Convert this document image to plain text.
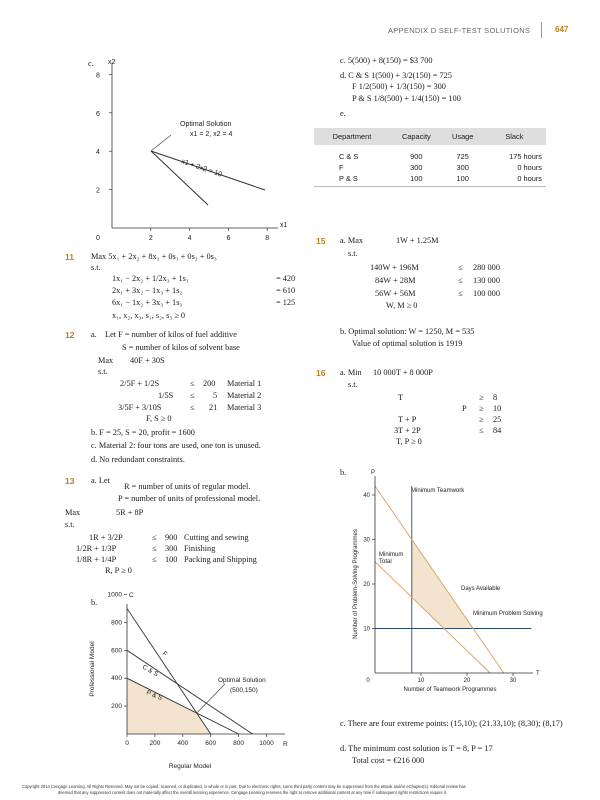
APPENDIX D SELF-TEST SOLUTIONS	647
c.
0	2	4	6	8
2
4
6
8
Optimal Solution
x1 = 2, x2 = 4
x1 + 2x2 = 10
x1
x2
11 Max 5x₁ + 2x₂ + 8x₃ + 0s₁ + 0s₂ + 0s₃
s.t.
1x₁ − 2x₂ + 1/2x₃ + 1s₁	= 420
2x₁ + 3x₂ − 1x₃ + 1s₂	= 610
6x₁ − 1x₂ + 3x₃ + 1s₃	= 125
x₁, x₂, x₃, s₁, s₂, s₃ ≥ 0
12 a. Let F = number of kilos of fuel additive
S = number of kilos of solvent base
Max 40F + 30S
s.t.
2/5F + 1/2S	≤ 200 Material 1
1/5S ≤ 5 Material 2
3/5F + 3/10S	≤ 21 Material 3
F, S ≥ 0
b. F = 25, S = 20, profit = 1600
c. Material 2: four tons are used, one ton is unused.
d. No redundant constraints.
13 a. Let
R = number of units of regular model.
P = number of units of professional model.
Max	5R + 8P
s.t.
1R + 3/2P	≤ 900 Cutting and sewing
1/2R + 1/3P	≤ 300 Finishing
1/8R + 1/4P	≤ 100 Packing and Shipping
R, P ≥ 0
b.
0	200	400	600	800 1000
200
400
600
800
1000
Optimal Solution
(500,150)
C
R
F
C & S
P & S
Regular Model
Professional Model
c. 5(500) + 8(150) = $3 700
d. C & S 1(500) + 3/2(150) = 725
F 1/2(500) + 1/3(150) = 300
P & S 1/8(500) + 1/4(150) = 100
e.
Department	Capacity	Usage	Slack

C & S	900	725	175 hours
F	300	300	0 hours
P & S	100	100	0 hours
15 a. Max	1W + 1.25M
s.t.
140W + 196M	≤ 280 000
84W + 28M	≤ 130 000
56W + 56M	≤ 100 000
W, M ≥ 0
b. Optimal solution: W = 1250, M = 535
Value of optimal solution is 1919
16 a. Min 10 000T + 8 000P
s.t.
T	≥ 8
P ≥ 10
T + P	≥ 25
3T + 2P	≤ 84
T, P ≥ 0
b.
0	10	20	30
10
20
30
40
P
T
Minimum Teamwork
Minimum Total
Days Available
Minimum Problem Solving
Number of Teamwork Programmes
Number of Problem-Solving Programmes
c. There are four extreme points: (15,10); (21.33,10); (8,30); (8,17)
d. The minimum cost solution is T = 8, P = 17
Total cost = €216 000
Copyright 2014 Cengage Learning. All Rights Reserved. May not be copied, scanned, or duplicated, in whole or in part. Due to electronic rights, some third party content may be suppressed from the eBook and/or eChapter(s). Editorial review has
deemed that any suppressed content does not materially affect the overall learning experience. Cengage Learning reserves the right to remove additional content at any time if subsequent rights restrictions require it.
